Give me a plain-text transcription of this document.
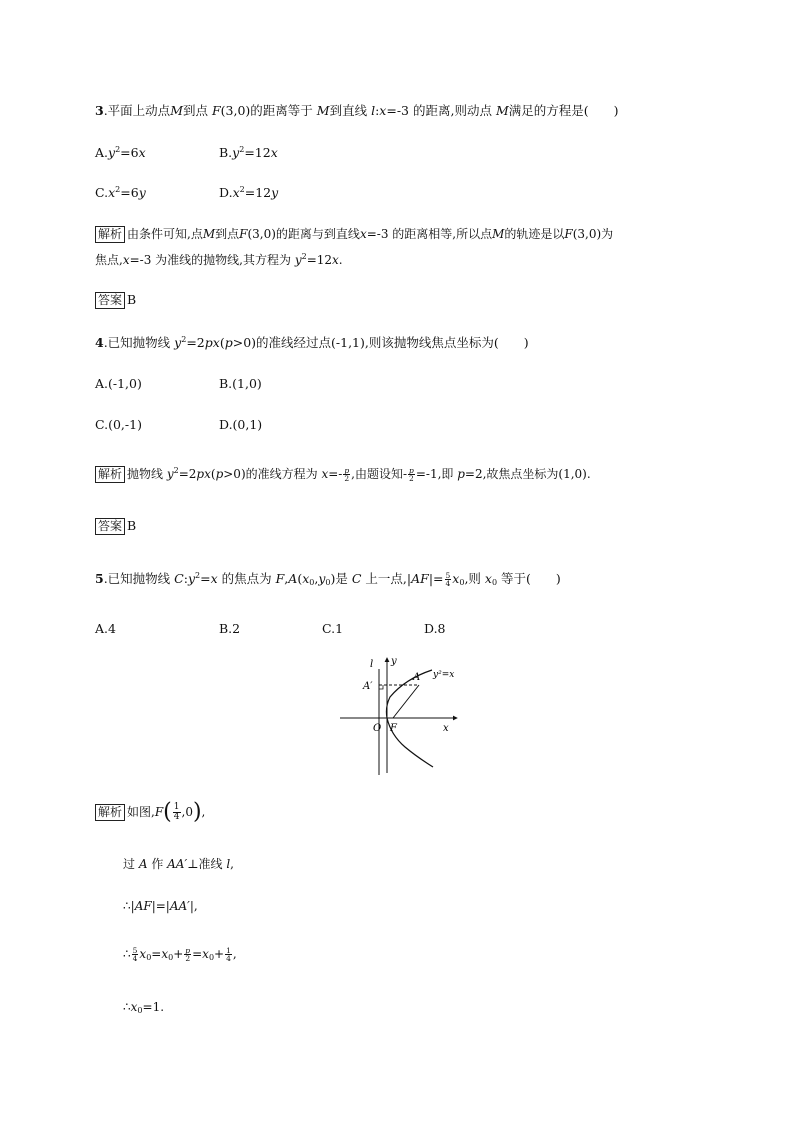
3.平面上动点M到点 F(3,0)的距离等于 M到直线 l:x=-3 的距离,则动点 M满足的方程是(　　)
$A.y^2=6x$	$B.y^2=12x$
$C.x^2=6y$	$D.x^2=12y$
解析 由条件可知,点M到点F(3,0)的距离与到直线x=-3 的距离相等,所以点M的轨迹是以F(3,0)为
焦点,x=-3 为准线的抛物线,其方程为 $y^2=12x$.
答案 B
4.已知抛物线 $y^2=2px(p>0)$的准线经过点(-1,1),则该抛物线焦点坐标为(　　)
A.(-1,0)	B.(1,0)
C.(0,-1)	D.(0,1)
解析 抛物线 $y^2=2px(p>0)$的准线方程为 $x=- \frac{p}{2}$ ,由题设知- $\frac{p}{2} =-1$,即 p=2,故焦点坐标为(1,0).
答案 B
5.已知抛物线 $C:y^2=x$ 的焦点为 $F,A(x_0,y_0)$是 C 上一点$,|AF|= \frac{5}{4} x_0$,则 $x_0$ 等于(　　)
A.4	B.2	C.1	D.8
l y
A y²=x
A′
O F	x
解析 如图$,F( \frac{1}{4} ,0)$,
过 A 作 AA′⊥准线 l,
∴|AF|=|AA′|,
∴ $\frac{5}{4} x_0=x_0+ \frac{p}{2} =x_0+ \frac{1}{4}$ ,
$\therefore x_0=1$.
